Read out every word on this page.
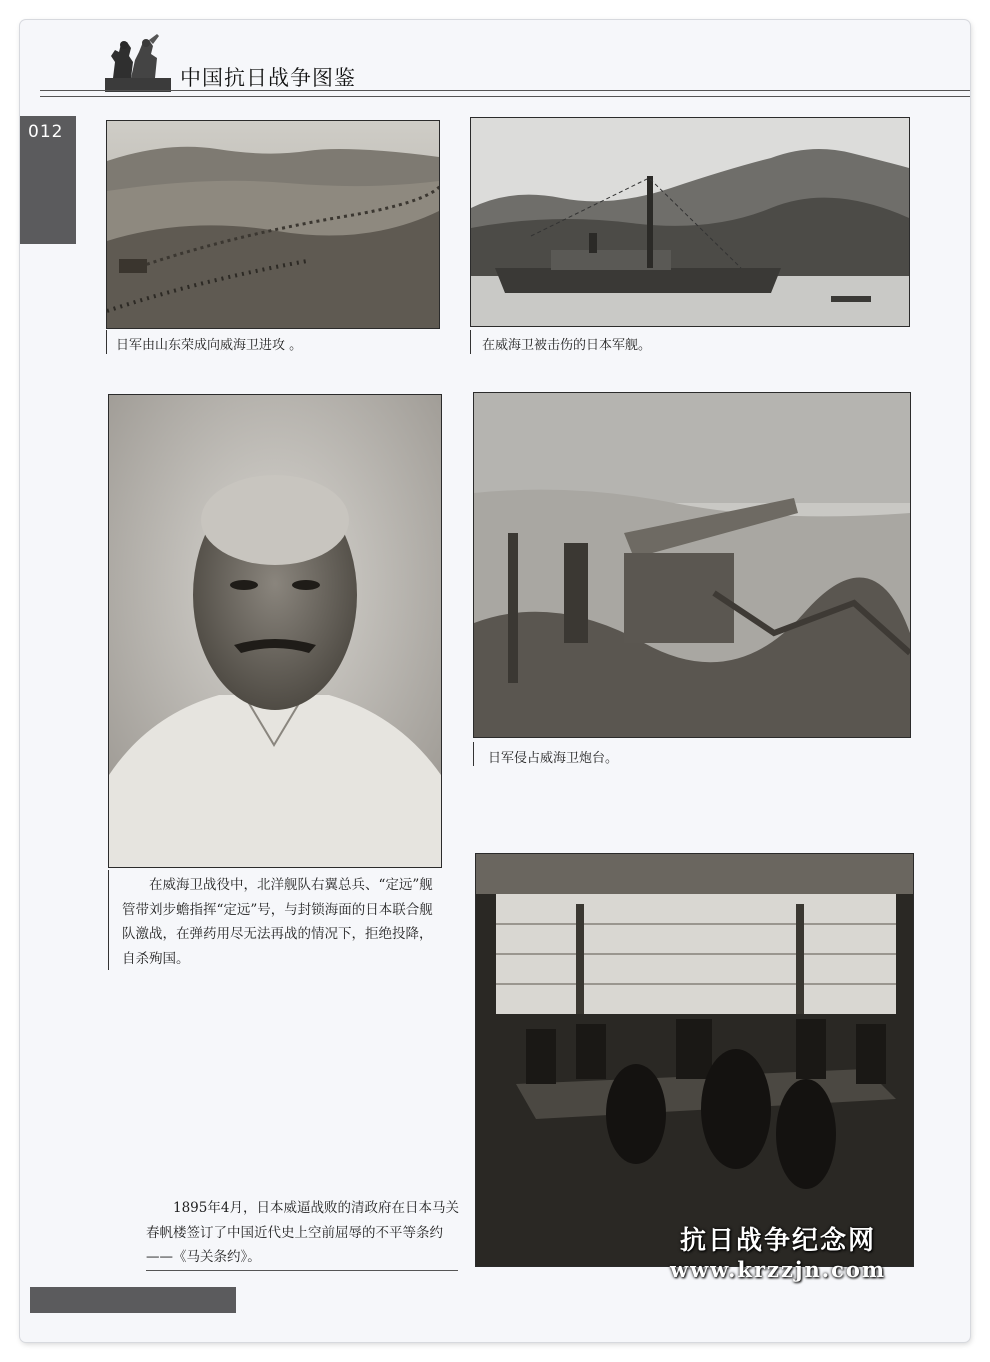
中国抗日战争图鉴
012
日军由山东荣成向威海卫进攻 。	在威海卫被击伤的日本军舰。
在威海卫战役中，北洋舰队右翼总兵、“定远”舰管带刘步蟾指挥“定远”号，与封锁海面的日本联合舰队激战，在弹药用尽无法再战的情况下，拒绝投降，自杀殉国。
日军侵占威海卫炮台。
1895年4月，日本威逼战败的清政府在日本马关春帆楼签订了中国近代史上空前屈辱的不平等条约——《马关条约》。
抗日战争纪念网
www.krzzjn.com
